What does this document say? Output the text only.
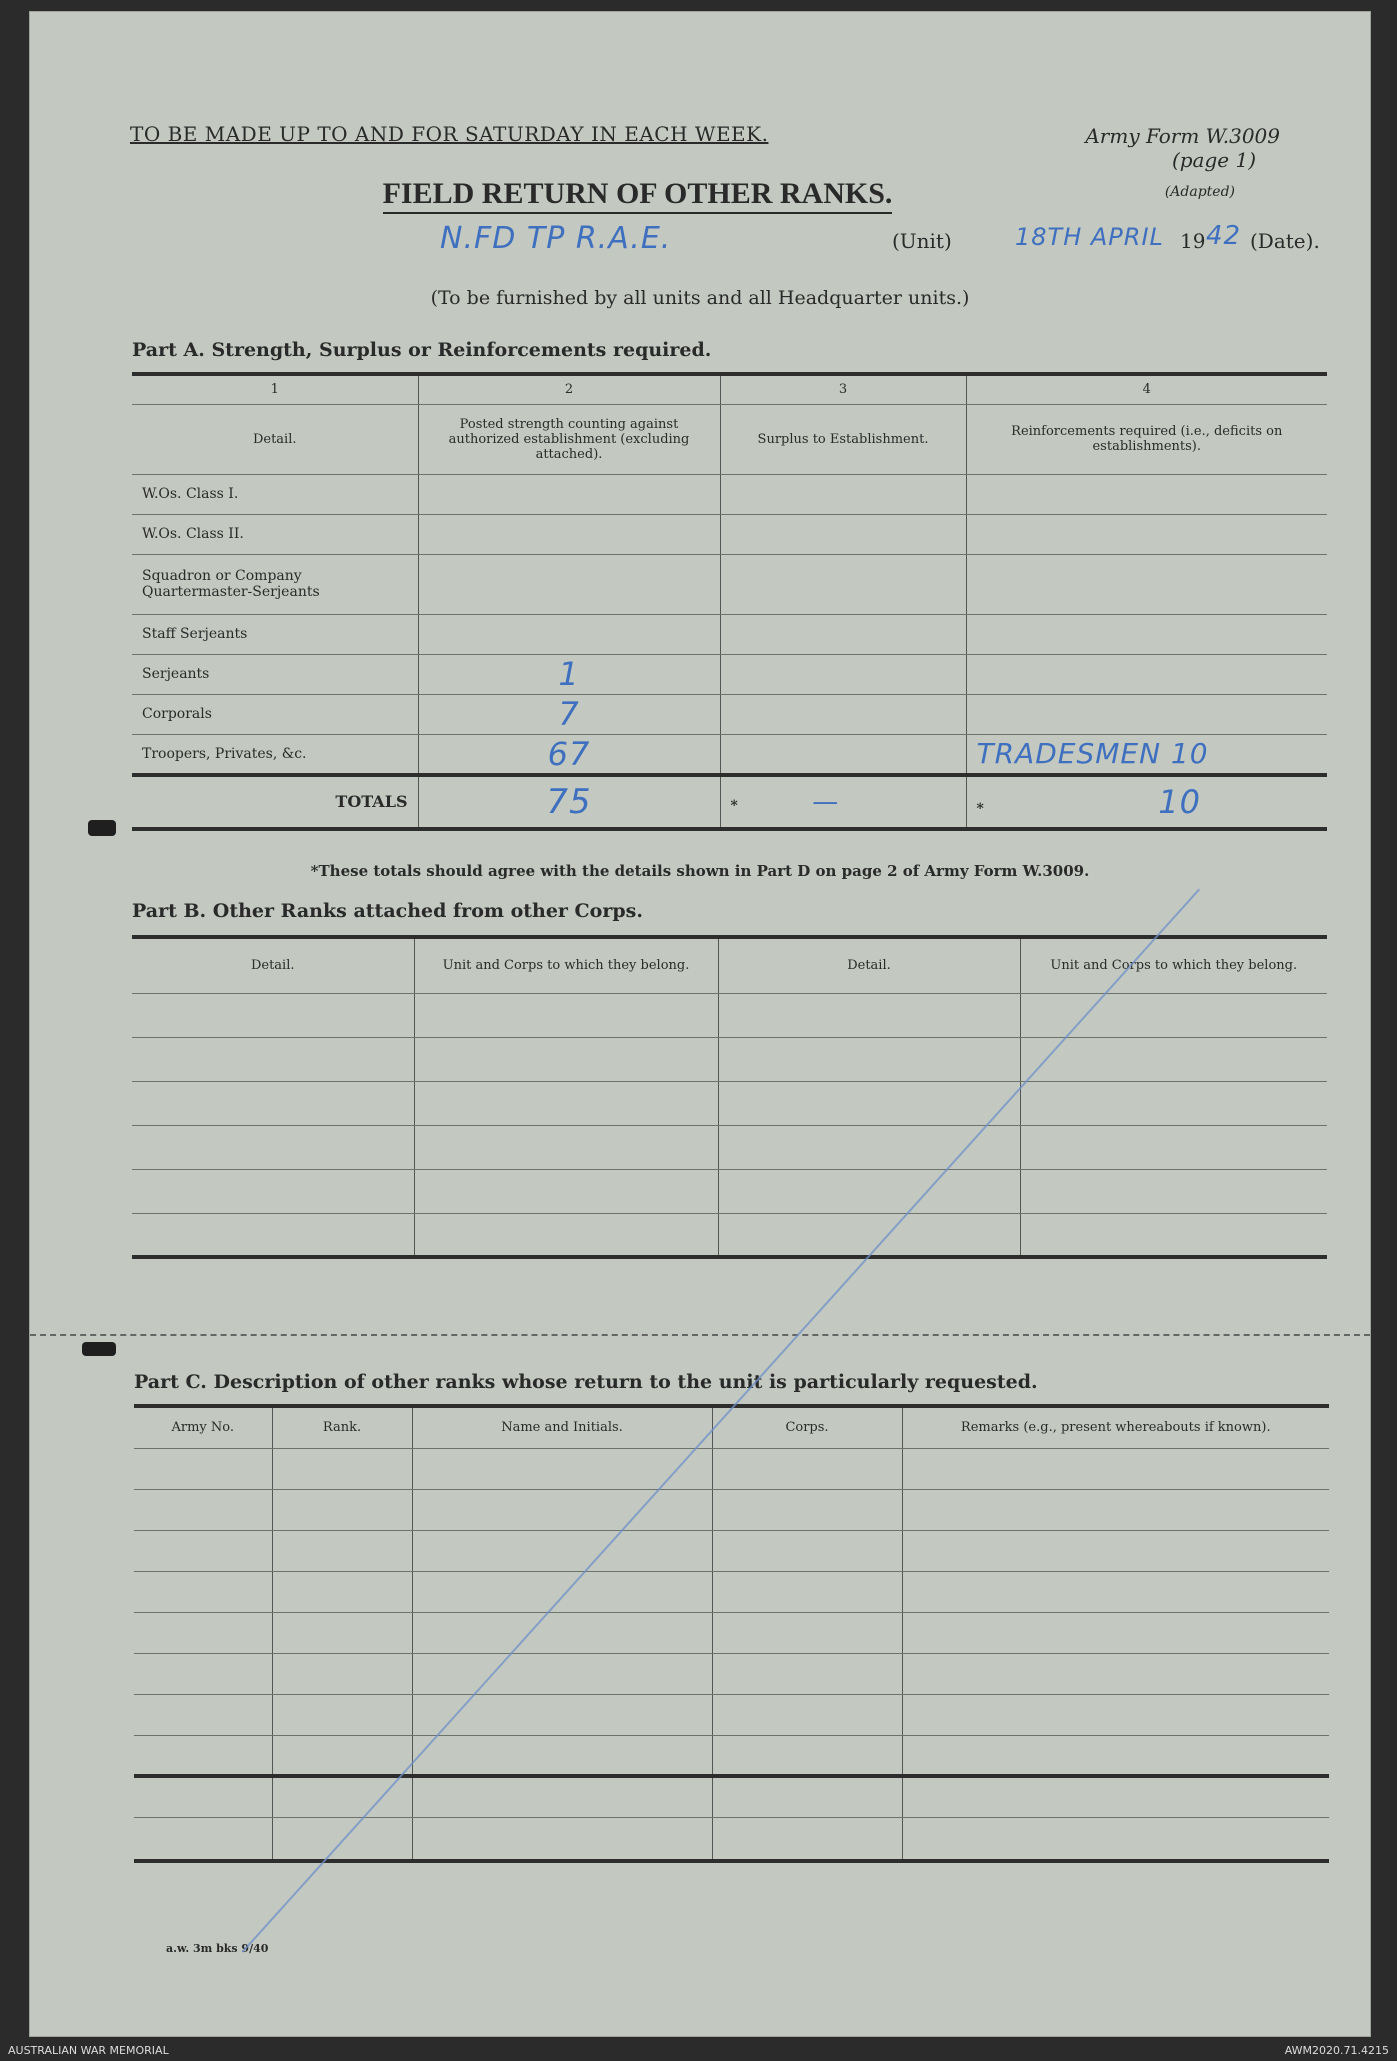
TO BE MADE UP TO AND FOR SATURDAY IN EACH WEEK.	Army Form W.3009
(page 1)
(Adapted)
FIELD RETURN OF OTHER RANKS.
N.FD TP R.A.E.	(Unit)	18TH APRIL 19 42 (Date).
(To be furnished by all units and all Headquarter units.)
Part A. Strength, Surplus or Reinforcements required.
1	2	3	4
Detail.	Posted strength counting against authorized establishment (excluding attached).	Surplus to Establishment.	Reinforcements required (i.e., deficits on establishments).
W.Os. Class I.			
W.Os. Class II.			
Squadron or Company Quartermaster-Serjeants			
Staff Serjeants			
Serjeants	1		
Corporals	7		
Troopers, Privates, &c.	67		TRADESMEN 10
TOTALS	75	* —	* 10
*These totals should agree with the details shown in Part D on page 2 of Army Form W.3009.
Part B. Other Ranks attached from other Corps.
Detail.	Unit and Corps to which they belong.	Detail.	Unit and Corps to which they belong.

Part C. Description of other ranks whose return to the unit is particularly requested.
Army No.	Rank.	Name and Initials.	Corps.	Remarks (e.g., present whereabouts if known).

a.w. 3m bks 9/40
AUSTRALIAN WAR MEMORIAL	AWM2020.71.4215
